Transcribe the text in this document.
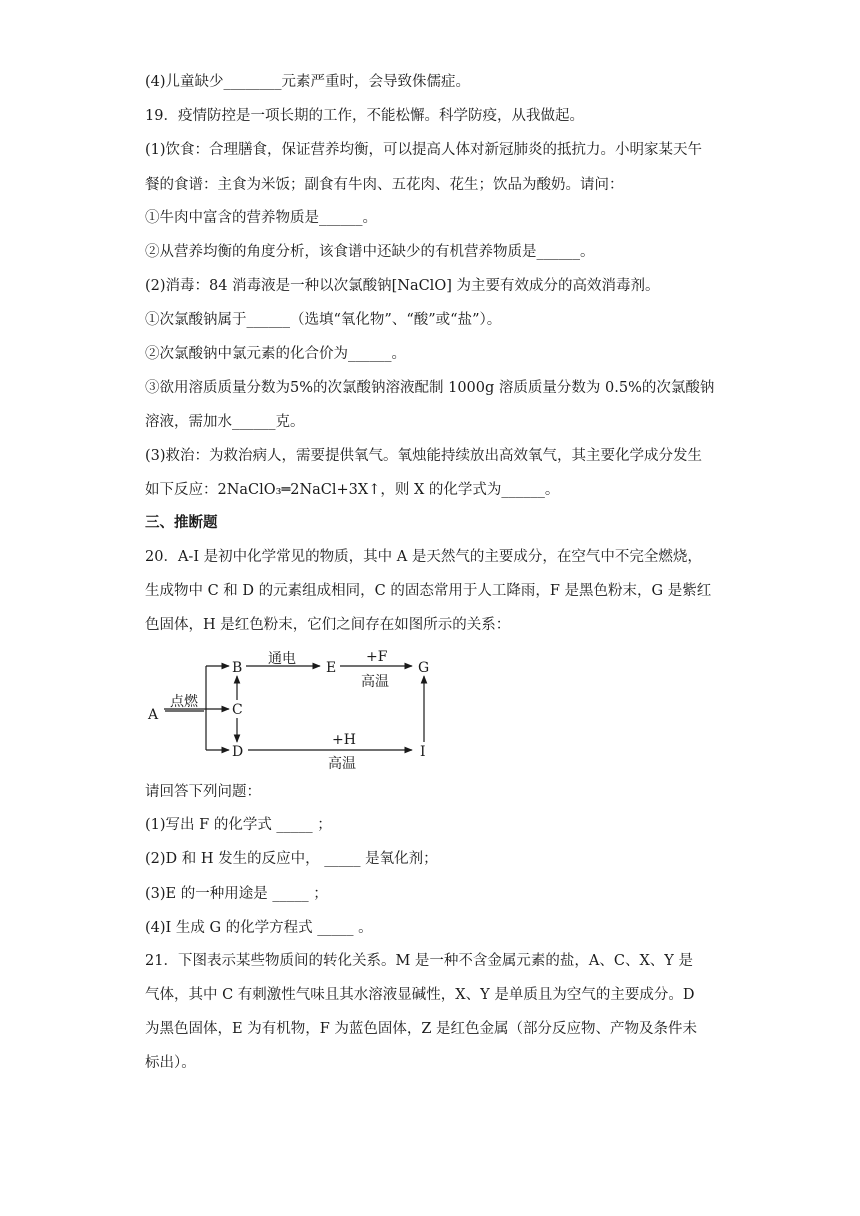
(4)儿童缺少________元素严重时，会导致侏儒症。
19．疫情防控是一项长期的工作，不能松懈。科学防疫，从我做起。
(1)饮食：合理膳食，保证营养均衡，可以提高人体对新冠肺炎的抵抗力。小明家某天午
餐的食谱：主食为米饭；副食有牛肉、五花肉、花生；饮品为酸奶。请问：
①牛肉中富含的营养物质是______。
②从营养均衡的角度分析，该食谱中还缺少的有机营养物质是______。
(2)消毒：84 消毒液是一种以次氯酸钠[NaClO] 为主要有效成分的高效消毒剂。
①次氯酸钠属于______（选填“氧化物”、“酸”或“盐”）。
②次氯酸钠中氯元素的化合价为______。
③欲用溶质质量分数为5%的次氯酸钠溶液配制 1000g 溶质质量分数为 0.5%的次氯酸钠
溶液，需加水______克。
(3)救治：为救治病人，需要提供氧气。氧烛能持续放出高效氧气，其主要化学成分发生
如下反应：2NaClO₃═2NaCl+3X↑，则 X 的化学式为______。
三、推断题
20．A-I 是初中化学常见的物质，其中 A 是天然气的主要成分，在空气中不完全燃烧，
生成物中 C 和 D 的元素组成相同，C 的固态常用于人工降雨，F 是黑色粉末，G 是紫红
色固体，H 是红色粉末，它们之间存在如图所示的关系：
A
B
C
D
E	G
I
点燃
通电	+F
高温
+H
高温
请回答下列问题：
(1)写出 F 的化学式 _____ ；
(2)D 和 H 发生的反应中， _____ 是氧化剂；
(3)E 的一种用途是 _____ ；
(4)I 生成 G 的化学方程式 _____ 。
21．下图表示某些物质间的转化关系。M 是一种不含金属元素的盐，A、C、X、Y 是
气体，其中 C 有刺激性气味且其水溶液显碱性，X、Y 是单质且为空气的主要成分。D
为黑色固体，E 为有机物，F 为蓝色固体，Z 是红色金属（部分反应物、产物及条件未
标出）。
